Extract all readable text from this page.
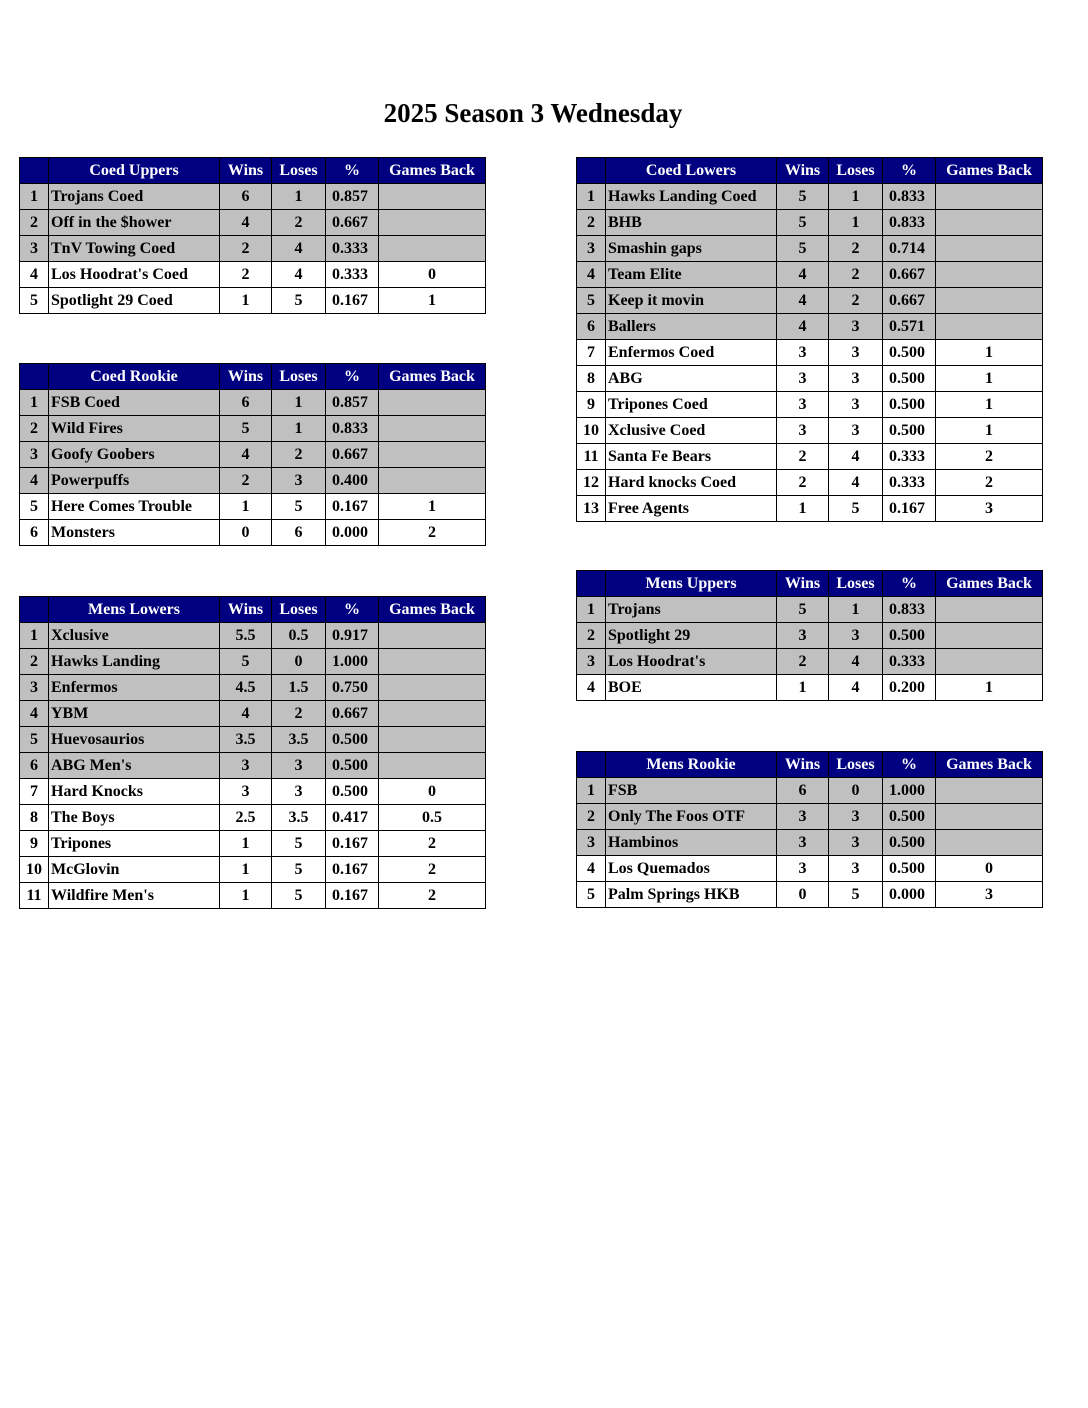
2025 Season 3 Wednesday
	Coed Uppers	Wins	Loses	%	Games Back
1	Trojans Coed	6	1	0.857	
2	Off in the $hower	4	2	0.667	
3	TnV Towing Coed	2	4	0.333	
4	Los Hoodrat's Coed	2	4	0.333	0
5	Spotlight 29 Coed	1	5	0.167	1
	Coed Rookie	Wins	Loses	%	Games Back
1	FSB Coed	6	1	0.857	
2	Wild Fires	5	1	0.833	
3	Goofy Goobers	4	2	0.667	
4	Powerpuffs	2	3	0.400	
5	Here Comes Trouble	1	5	0.167	1
6	Monsters	0	6	0.000	2
	Mens Lowers	Wins	Loses	%	Games Back
1	Xclusive	5.5	0.5	0.917	
2	Hawks Landing	5	0	1.000	
3	Enfermos	4.5	1.5	0.750	
4	YBM	4	2	0.667	
5	Huevosaurios	3.5	3.5	0.500	
6	ABG Men's	3	3	0.500	
7	Hard Knocks	3	3	0.500	0
8	The Boys	2.5	3.5	0.417	0.5
9	Tripones	1	5	0.167	2
10	McGlovin	1	5	0.167	2
11	Wildfire Men's	1	5	0.167	2
	Coed Lowers	Wins	Loses	%	Games Back
1	Hawks Landing Coed	5	1	0.833	
2	BHB	5	1	0.833	
3	Smashin gaps	5	2	0.714	
4	Team Elite	4	2	0.667	
5	Keep it movin	4	2	0.667	
6	Ballers	4	3	0.571	
7	Enfermos Coed	3	3	0.500	1
8	ABG	3	3	0.500	1
9	Tripones Coed	3	3	0.500	1
10	Xclusive Coed	3	3	0.500	1
11	Santa Fe Bears	2	4	0.333	2
12	Hard knocks Coed	2	4	0.333	2
13	Free Agents	1	5	0.167	3
	Mens Uppers	Wins	Loses	%	Games Back
1	Trojans	5	1	0.833	
2	Spotlight 29	3	3	0.500	
3	Los Hoodrat's	2	4	0.333	
4	BOE	1	4	0.200	1
	Mens Rookie	Wins	Loses	%	Games Back
1	FSB	6	0	1.000	
2	Only The Foos OTF	3	3	0.500	
3	Hambinos	3	3	0.500	
4	Los Quemados	3	3	0.500	0
5	Palm Springs HKB	0	5	0.000	3
